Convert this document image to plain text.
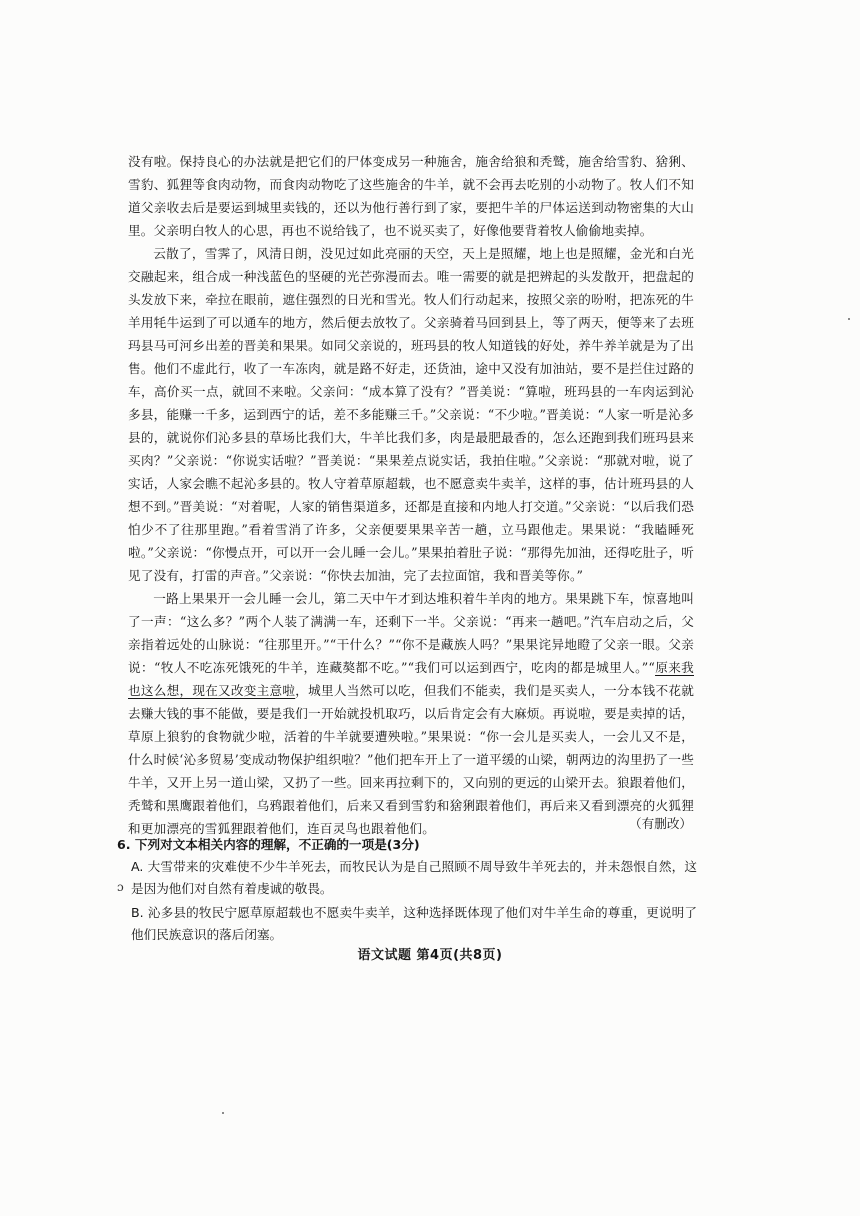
没有啦。保持良心的办法就是把它们的尸体变成另一种施舍，施舍给狼和秃鹫，施舍给雪豹、猞猁、雪豹、狐狸等食肉动物，而食肉动物吃了这些施舍的牛羊，就不会再去吃别的小动物了。牧人们不知道父亲收去后是要运到城里卖钱的，还以为他行善行到了家，要把牛羊的尸体运送到动物密集的大山里。父亲明白牧人的心思，再也不说给钱了，也不说买卖了，好像他要背着牧人偷偷地卖掉。

云散了，雪霁了，风清日朗，没见过如此亮丽的天空，天上是照耀，地上也是照耀，金光和白光交融起来，组合成一种浅蓝色的坚硬的光芒弥漫而去。唯一需要的就是把辨起的头发散开，把盘起的头发放下来，牵拉在眼前，遮住强烈的日光和雪光。牧人们行动起来，按照父亲的吩咐，把冻死的牛羊用牦牛运到了可以通车的地方，然后便去放牧了。父亲骑着马回到县上，等了两天，便等来了去班玛县马可河乡出差的晋美和果果。如同父亲说的，班玛县的牧人知道钱的好处，养牛养羊就是为了出售。他们不虚此行，收了一车冻肉，就是路不好走，还货油，途中又没有加油站，要不是拦住过路的车，高价买一点，就回不来啦。父亲问：“成本算了没有？”晋美说：“算啦，班玛县的一车肉运到沁多县，能赚一千多，运到西宁的话，差不多能赚三千。”父亲说：“不少啦。”晋美说：“人家一听是沁多县的，就说你们沁多县的草场比我们大，牛羊比我们多，肉是最肥最香的，怎么还跑到我们班玛县来买肉？”父亲说：“你说实话啦？”晋美说：“果果差点说实话，我拍住啦。”父亲说：“那就对啦，说了实话，人家会瞧不起沁多县的。牧人守着草原超载，也不愿意卖牛卖羊，这样的事，估计班玛县的人想不到。”晋美说：“对着呢，人家的销售渠道多，还都是直接和内地人打交道。”父亲说：“以后我们恐怕少不了往那里跑。”看着雪消了许多，父亲便要果果辛苦一趟，立马跟他走。果果说：“我瞌睡死啦。”父亲说：“你慢点开，可以开一会儿睡一会儿。”果果拍着肚子说：“那得先加油，还得吃肚子，听见了没有，打雷的声音。”父亲说：“你快去加油，完了去拉面馆，我和晋美等你。”

一路上果果开一会儿睡一会儿，第二天中午才到达堆积着牛羊肉的地方。果果跳下车，惊喜地叫了一声：“这么多？”两个人装了满满一车，还剩下一半。父亲说：“再来一趟吧。”汽车启动之后，父亲指着远处的山脉说：“往那里开。”“干什么？”“你不是藏族人吗？”果果诧异地瞪了父亲一眼。父亲说：“牧人不吃冻死饿死的牛羊，连藏獒都不吃。”“我们可以运到西宁，吃肉的都是城里人。”“原来我也这么想，现在又改变主意啦，城里人当然可以吃，但我们不能卖，我们是买卖人，一分本钱不花就去赚大钱的事不能做，要是我们一开始就投机取巧，以后肯定会有大麻烦。再说啦，要是卖掉的话，草原上狼豹的食物就少啦，活着的牛羊就要遭殃啦。”果果说：“你一会儿是买卖人，一会儿又不是，什么时候‘沁多贸易’变成动物保护组织啦？”他们把车开上了一道平缓的山梁，朝两边的沟里扔了一些牛羊，又开上另一道山梁，又扔了一些。回来再拉剩下的，又向别的更远的山梁开去。狼跟着他们，秃鹫和黑鹰跟着他们，乌鸦跟着他们，后来又看到雪豹和猞猁跟着他们，再后来又看到漂亮的火狐狸和更加漂亮的雪狐狸跟着他们，连百灵鸟也跟着他们。	（有删改）

6. 下列对文本相关内容的理解，不正确的一项是(3分)

A. 大雪带来的灾难使不少牛羊死去，而牧民认为是自己照顾不周导致牛羊死去的，并未怨恨自然，这是因为他们对自然有着虔诚的敬畏。

B. 沁多县的牧民宁愿草原超载也不愿卖牛卖羊，这种选择既体现了他们对牛羊生命的尊重，更说明了他们民族意识的落后闭塞。

ɔ
语文试题 第4页(共8页)
